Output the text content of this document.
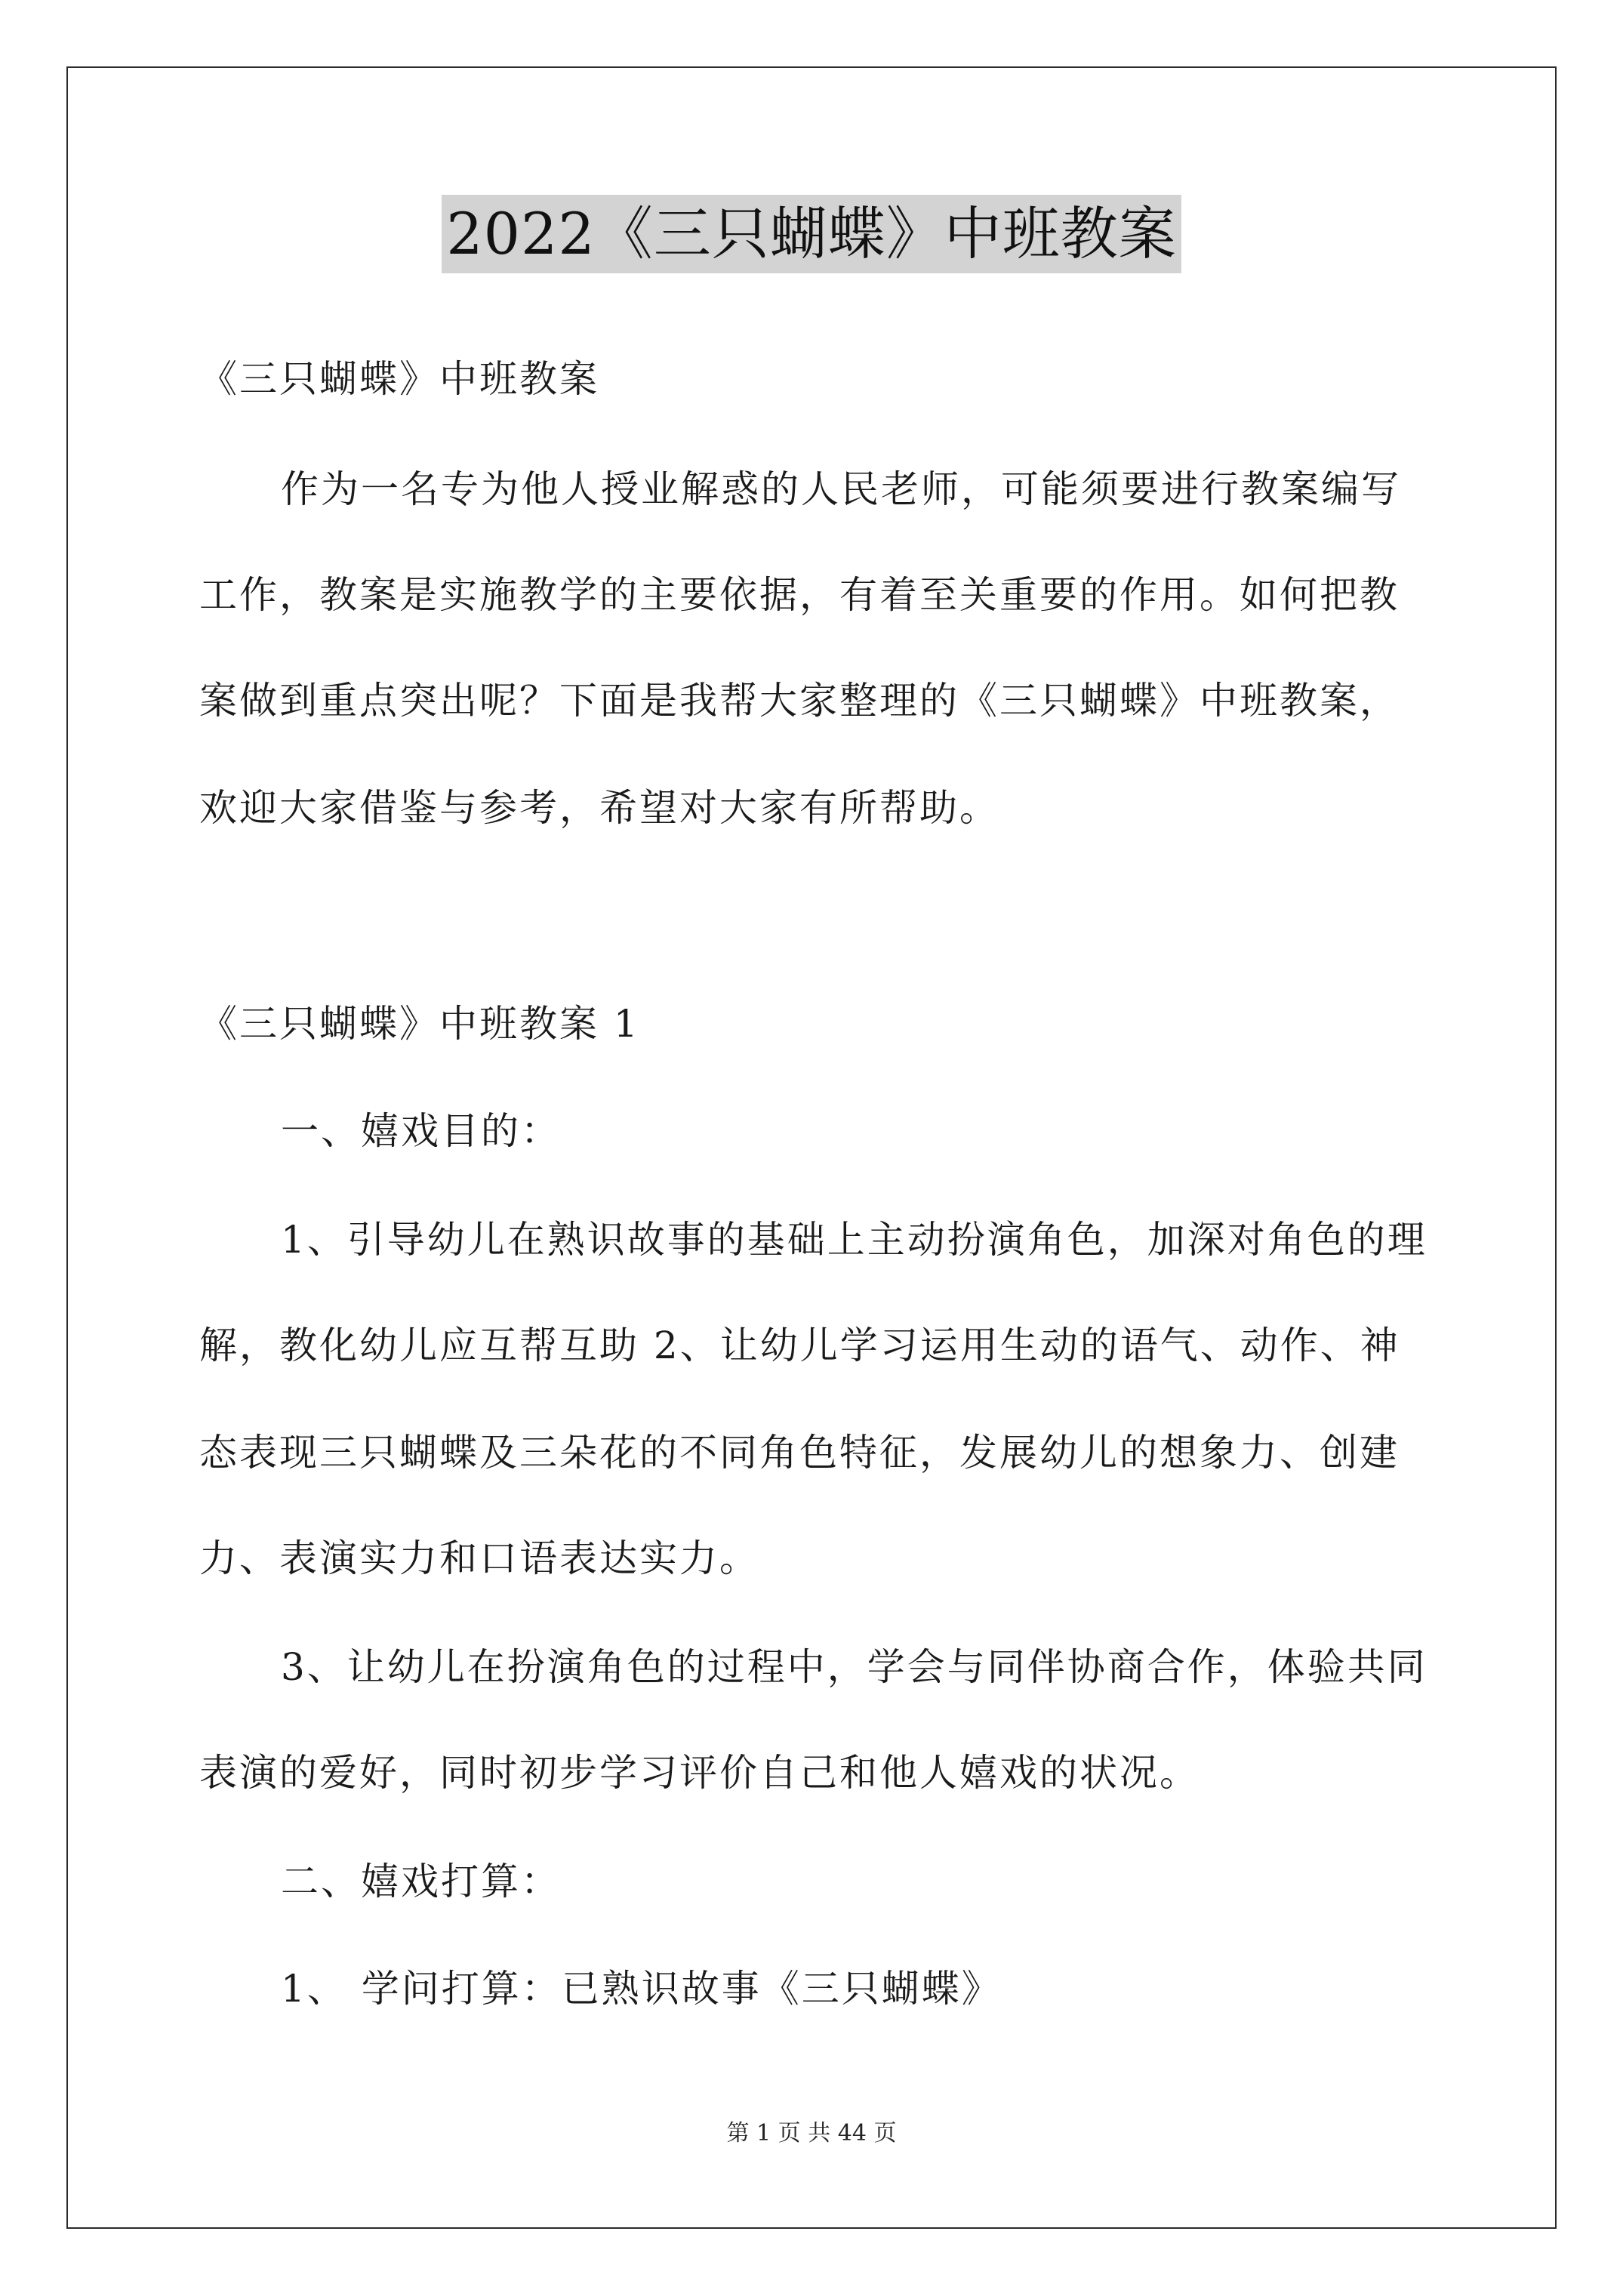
2022《三只蝴蝶》中班教案
《三只蝴蝶》中班教案
作为一名专为他人授业解惑的人民老师，可能须要进行教案编写
工作，教案是实施教学的主要依据，有着至关重要的作用。如何把教
案做到重点突出呢？下面是我帮大家整理的《三只蝴蝶》中班教案，
欢迎大家借鉴与参考，希望对大家有所帮助。
《三只蝴蝶》中班教案 1
一、嬉戏目的：
1、引导幼儿在熟识故事的基础上主动扮演角色，加深对角色的理
解，教化幼儿应互帮互助 2、让幼儿学习运用生动的语气、动作、神
态表现三只蝴蝶及三朵花的不同角色特征，发展幼儿的想象力、创建
力、表演实力和口语表达实力。
3、让幼儿在扮演角色的过程中，学会与同伴协商合作，体验共同
表演的爱好，同时初步学习评价自己和他人嬉戏的状况。
二、嬉戏打算：
1、 学问打算：已熟识故事《三只蝴蝶》
第 1 页 共 44 页
